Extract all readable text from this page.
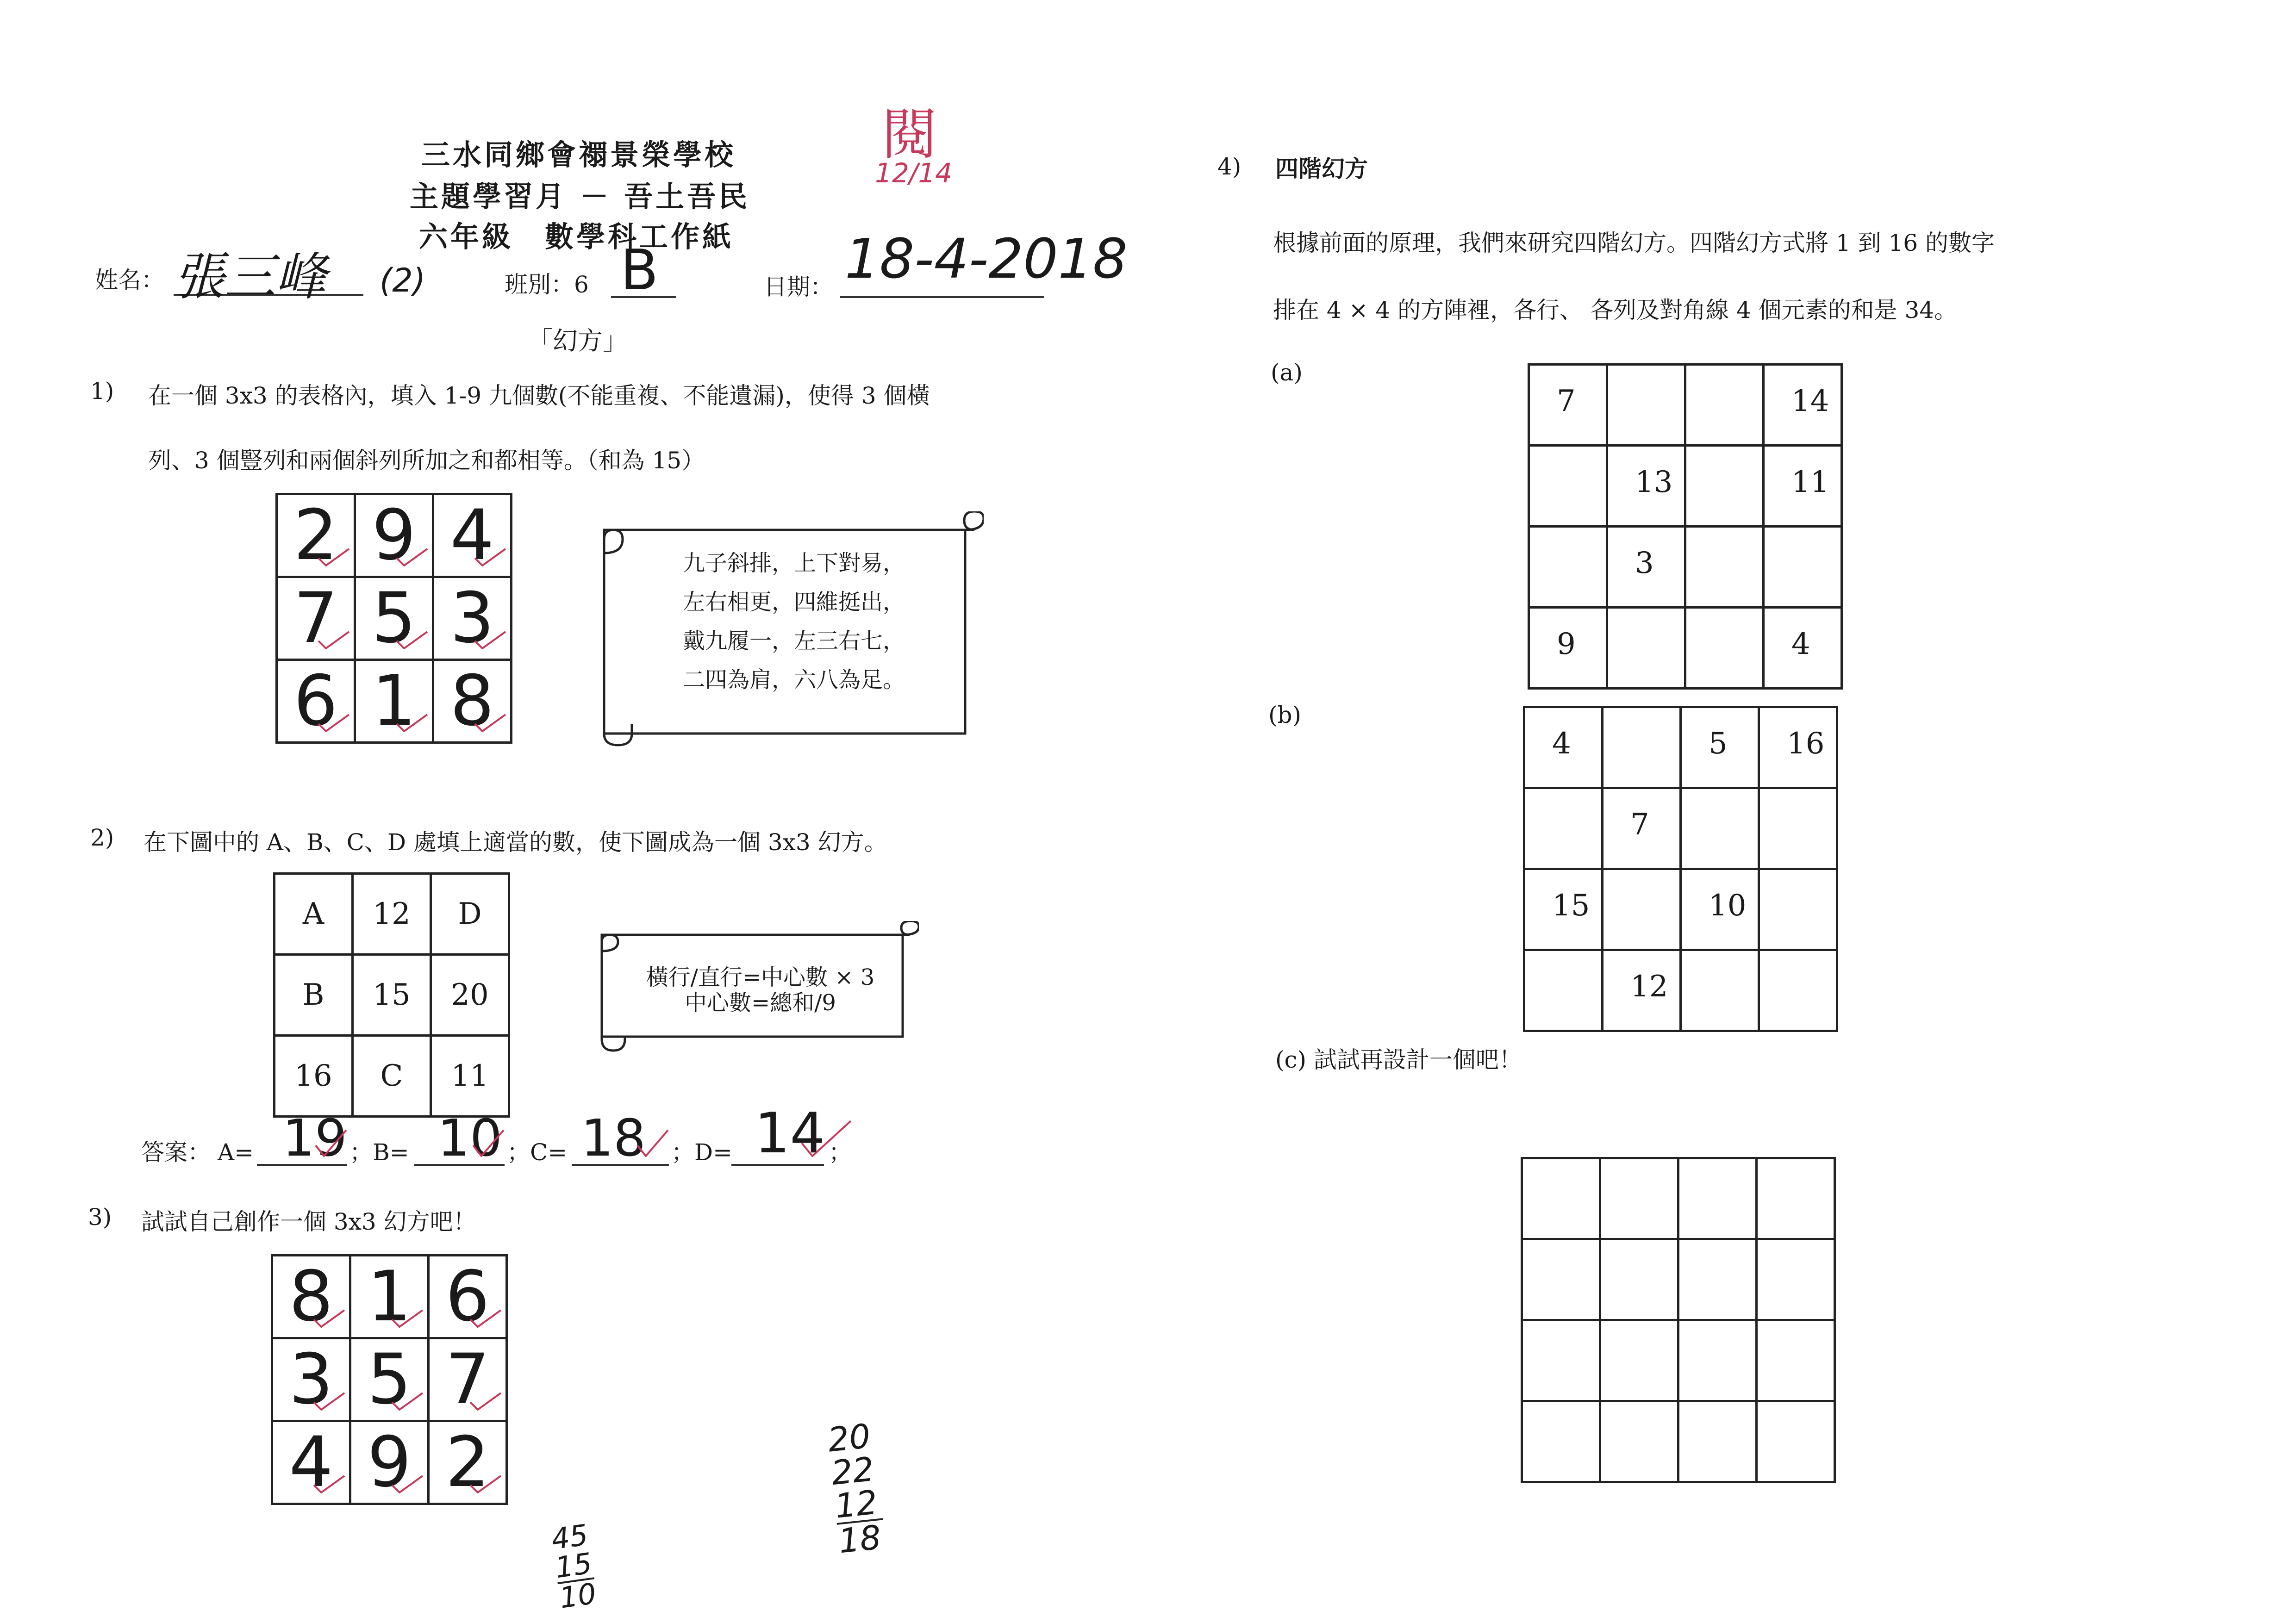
三水同鄉會禤景榮學校
主題學習月 － 吾土吾民
六年級　數學科工作紙
閱
12/14
姓名： 張三峰 (2)	班別：6 B	日期： 18-4-2018
「幻方」
1) 在一個 3x3 的表格內，填入 1-9 九個數(不能重複、不能遺漏)，使得 3 個橫
列、3 個豎列和兩個斜列所加之和都相等。（和為 15）
2	9	4

7	5	3

6	1	8
九子斜排，上下對易，
左右相更，四維挺出，
戴九履一，左三右七，
二四為肩，六八為足。
2) 在下圖中的 A、B、C、D 處填上適當的數，使下圖成為一個 3x3 幻方。
A	12	D
B	15	20
16	C	11
橫行/直行=中心數 × 3
中心數=總和/9
答案： A= 19 ；B= 10 ；C= 18 ；D= 14 ；
3) 試試自己創作一個 3x3 幻方吧！
8	1	6

3	5	7

4	9	2
45
15
10
20
22
12
18
4) 四階幻方
根據前面的原理，我們來研究四階幻方。四階幻方式將 1 到 16 的數字
排在 4 × 4 的方陣裡，各行、 各列及對角線 4 個元素的和是 34。
(a)
7			14

	13		11

	3		

9			4
(b)
4		5	16

	7		

15		10	

	12		

(c) 試試再設計一個吧！
